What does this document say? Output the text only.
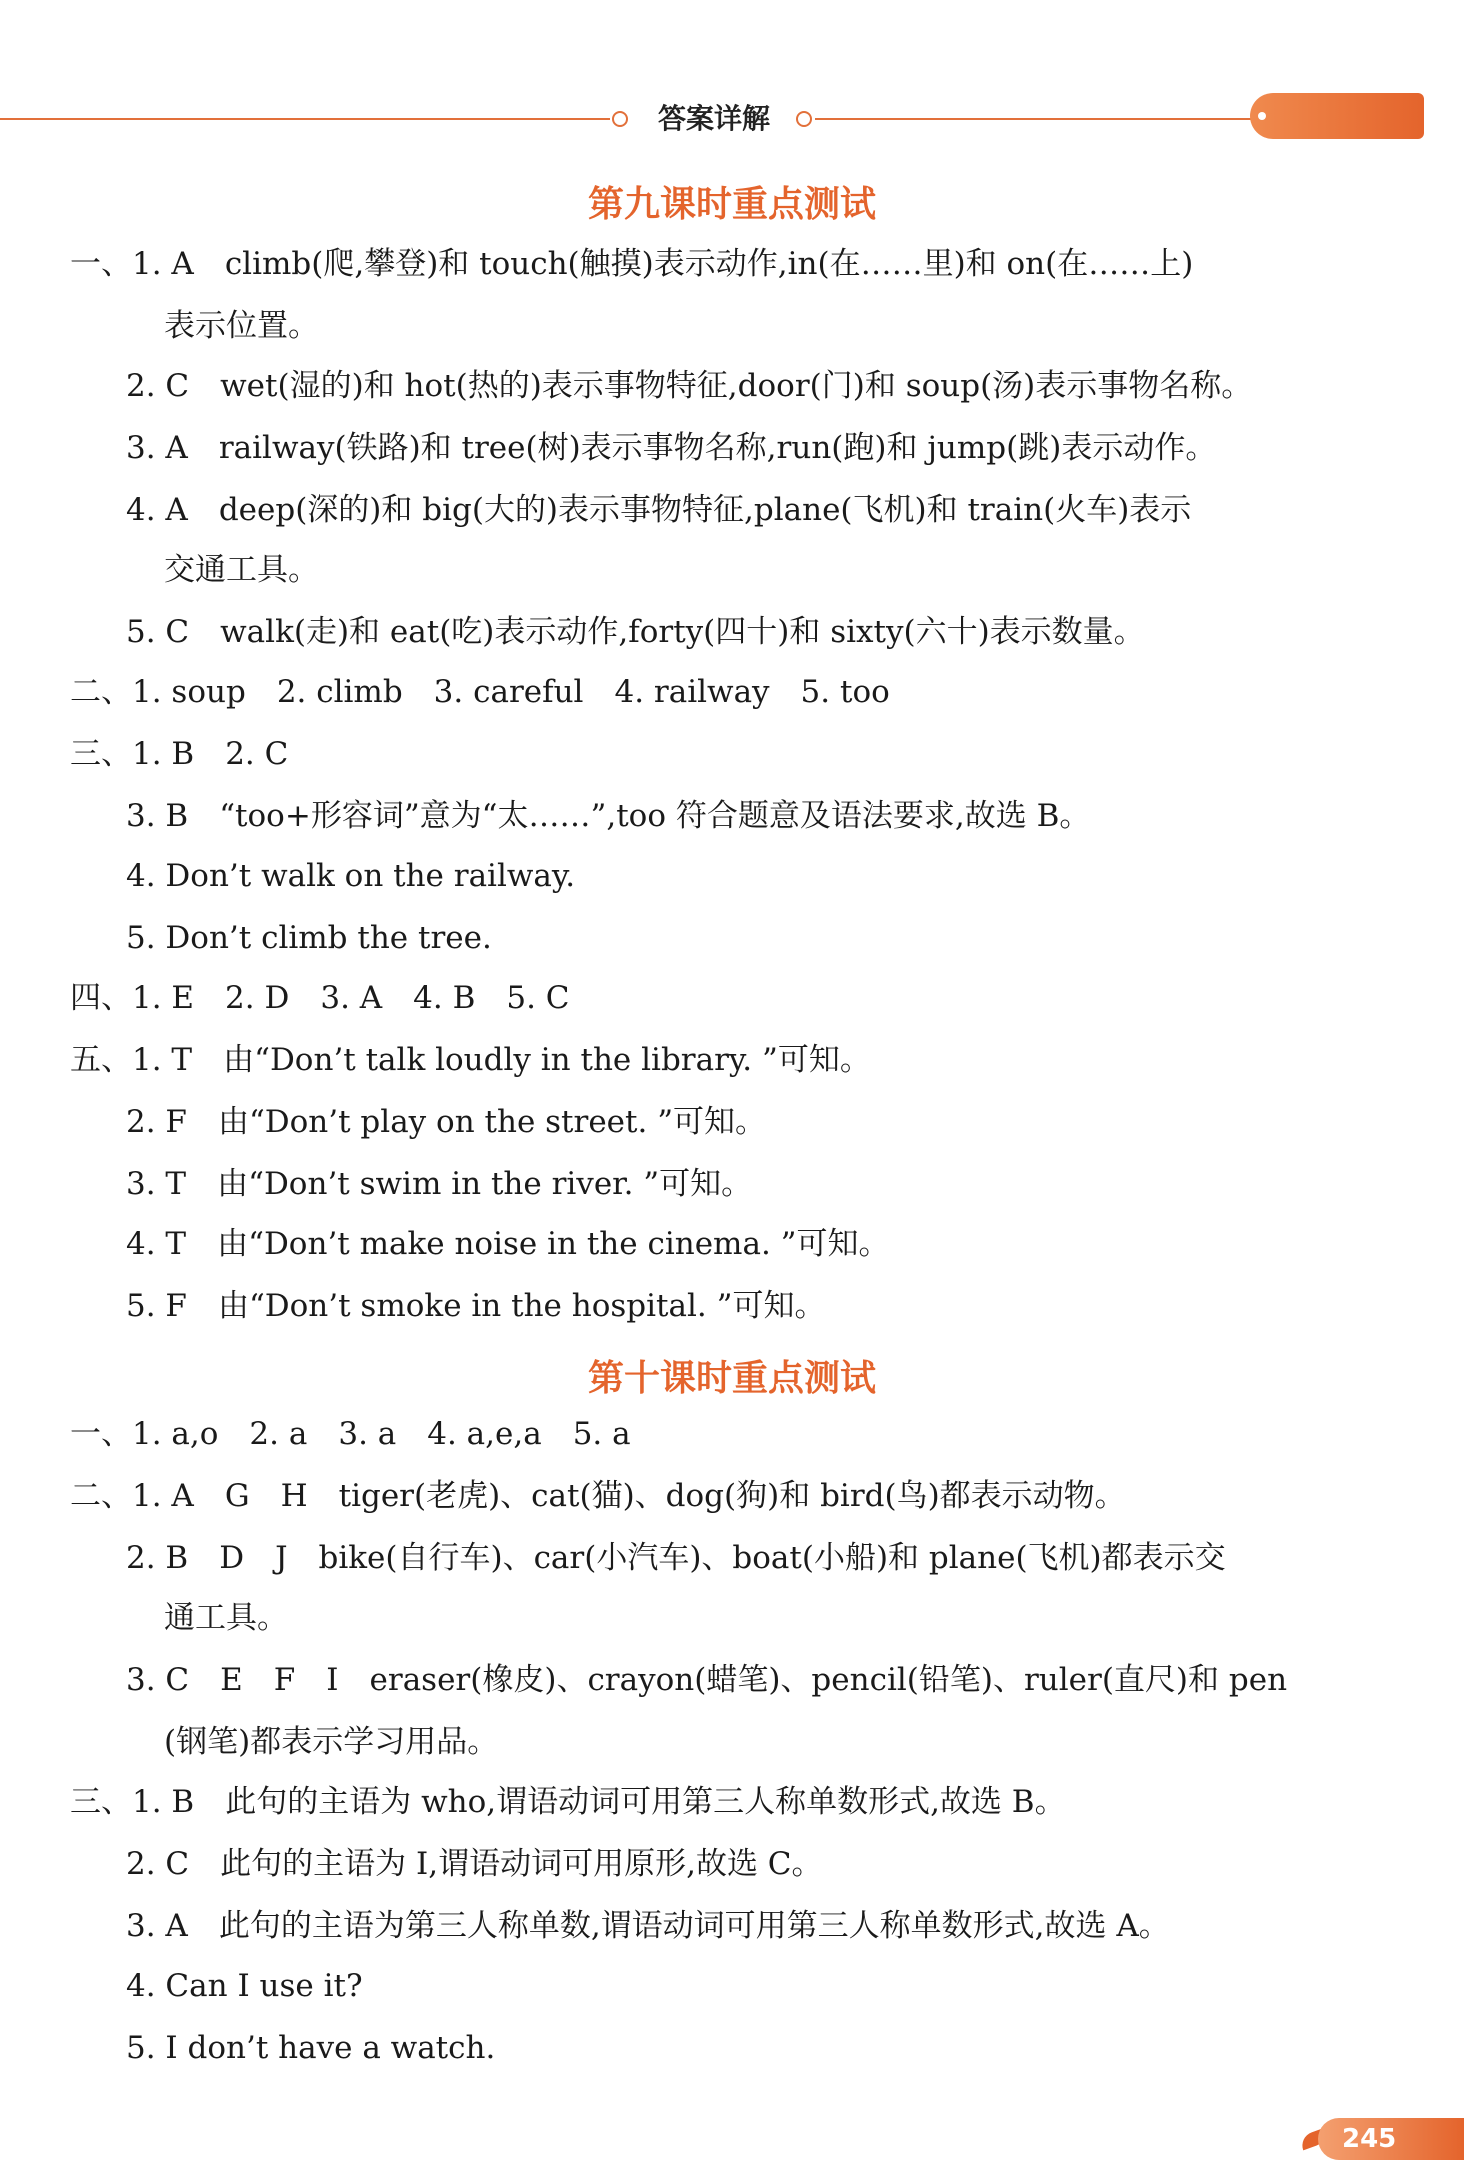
答案详解
第九课时重点测试
一、1. A　climb(爬,攀登)和 touch(触摸)表示动作,in(在……里)和 on(在……上)
表示位置。
2. C　wet(湿的)和 hot(热的)表示事物特征,door(门)和 soup(汤)表示事物名称。
3. A　railway(铁路)和 tree(树)表示事物名称,run(跑)和 jump(跳)表示动作。
4. A　deep(深的)和 big(大的)表示事物特征,plane(飞机)和 train(火车)表示
交通工具。
5. C　walk(走)和 eat(吃)表示动作,forty(四十)和 sixty(六十)表示数量。
二、1. soup　2. climb　3. careful　4. railway　5. too
三、1. B　2. C
3. B　“too+形容词”意为“太……”,too 符合题意及语法要求,故选 B。
4. Don’t walk on the railway.
5. Don’t climb the tree.
四、1. E　2. D　3. A　4. B　5. C
五、1. T　由“Don’t talk loudly in the library. ”可知。
2. F　由“Don’t play on the street. ”可知。
3. T　由“Don’t swim in the river. ”可知。
4. T　由“Don’t make noise in the cinema. ”可知。
5. F　由“Don’t smoke in the hospital. ”可知。
第十课时重点测试
一、1. a,o　2. a　3. a　4. a,e,a　5. a
二、1. A　G　H　tiger(老虎)、cat(猫)、dog(狗)和 bird(鸟)都表示动物。
2. B　D　J　bike(自行车)、car(小汽车)、boat(小船)和 plane(飞机)都表示交
通工具。
3. C　E　F　I　eraser(橡皮)、crayon(蜡笔)、pencil(铅笔)、ruler(直尺)和 pen
(钢笔)都表示学习用品。
三、1. B　此句的主语为 who,谓语动词可用第三人称单数形式,故选 B。
2. C　此句的主语为 I,谓语动词可用原形,故选 C。
3. A　此句的主语为第三人称单数,谓语动词可用第三人称单数形式,故选 A。
4. Can I use it?
5. I don’t have a watch.
245
